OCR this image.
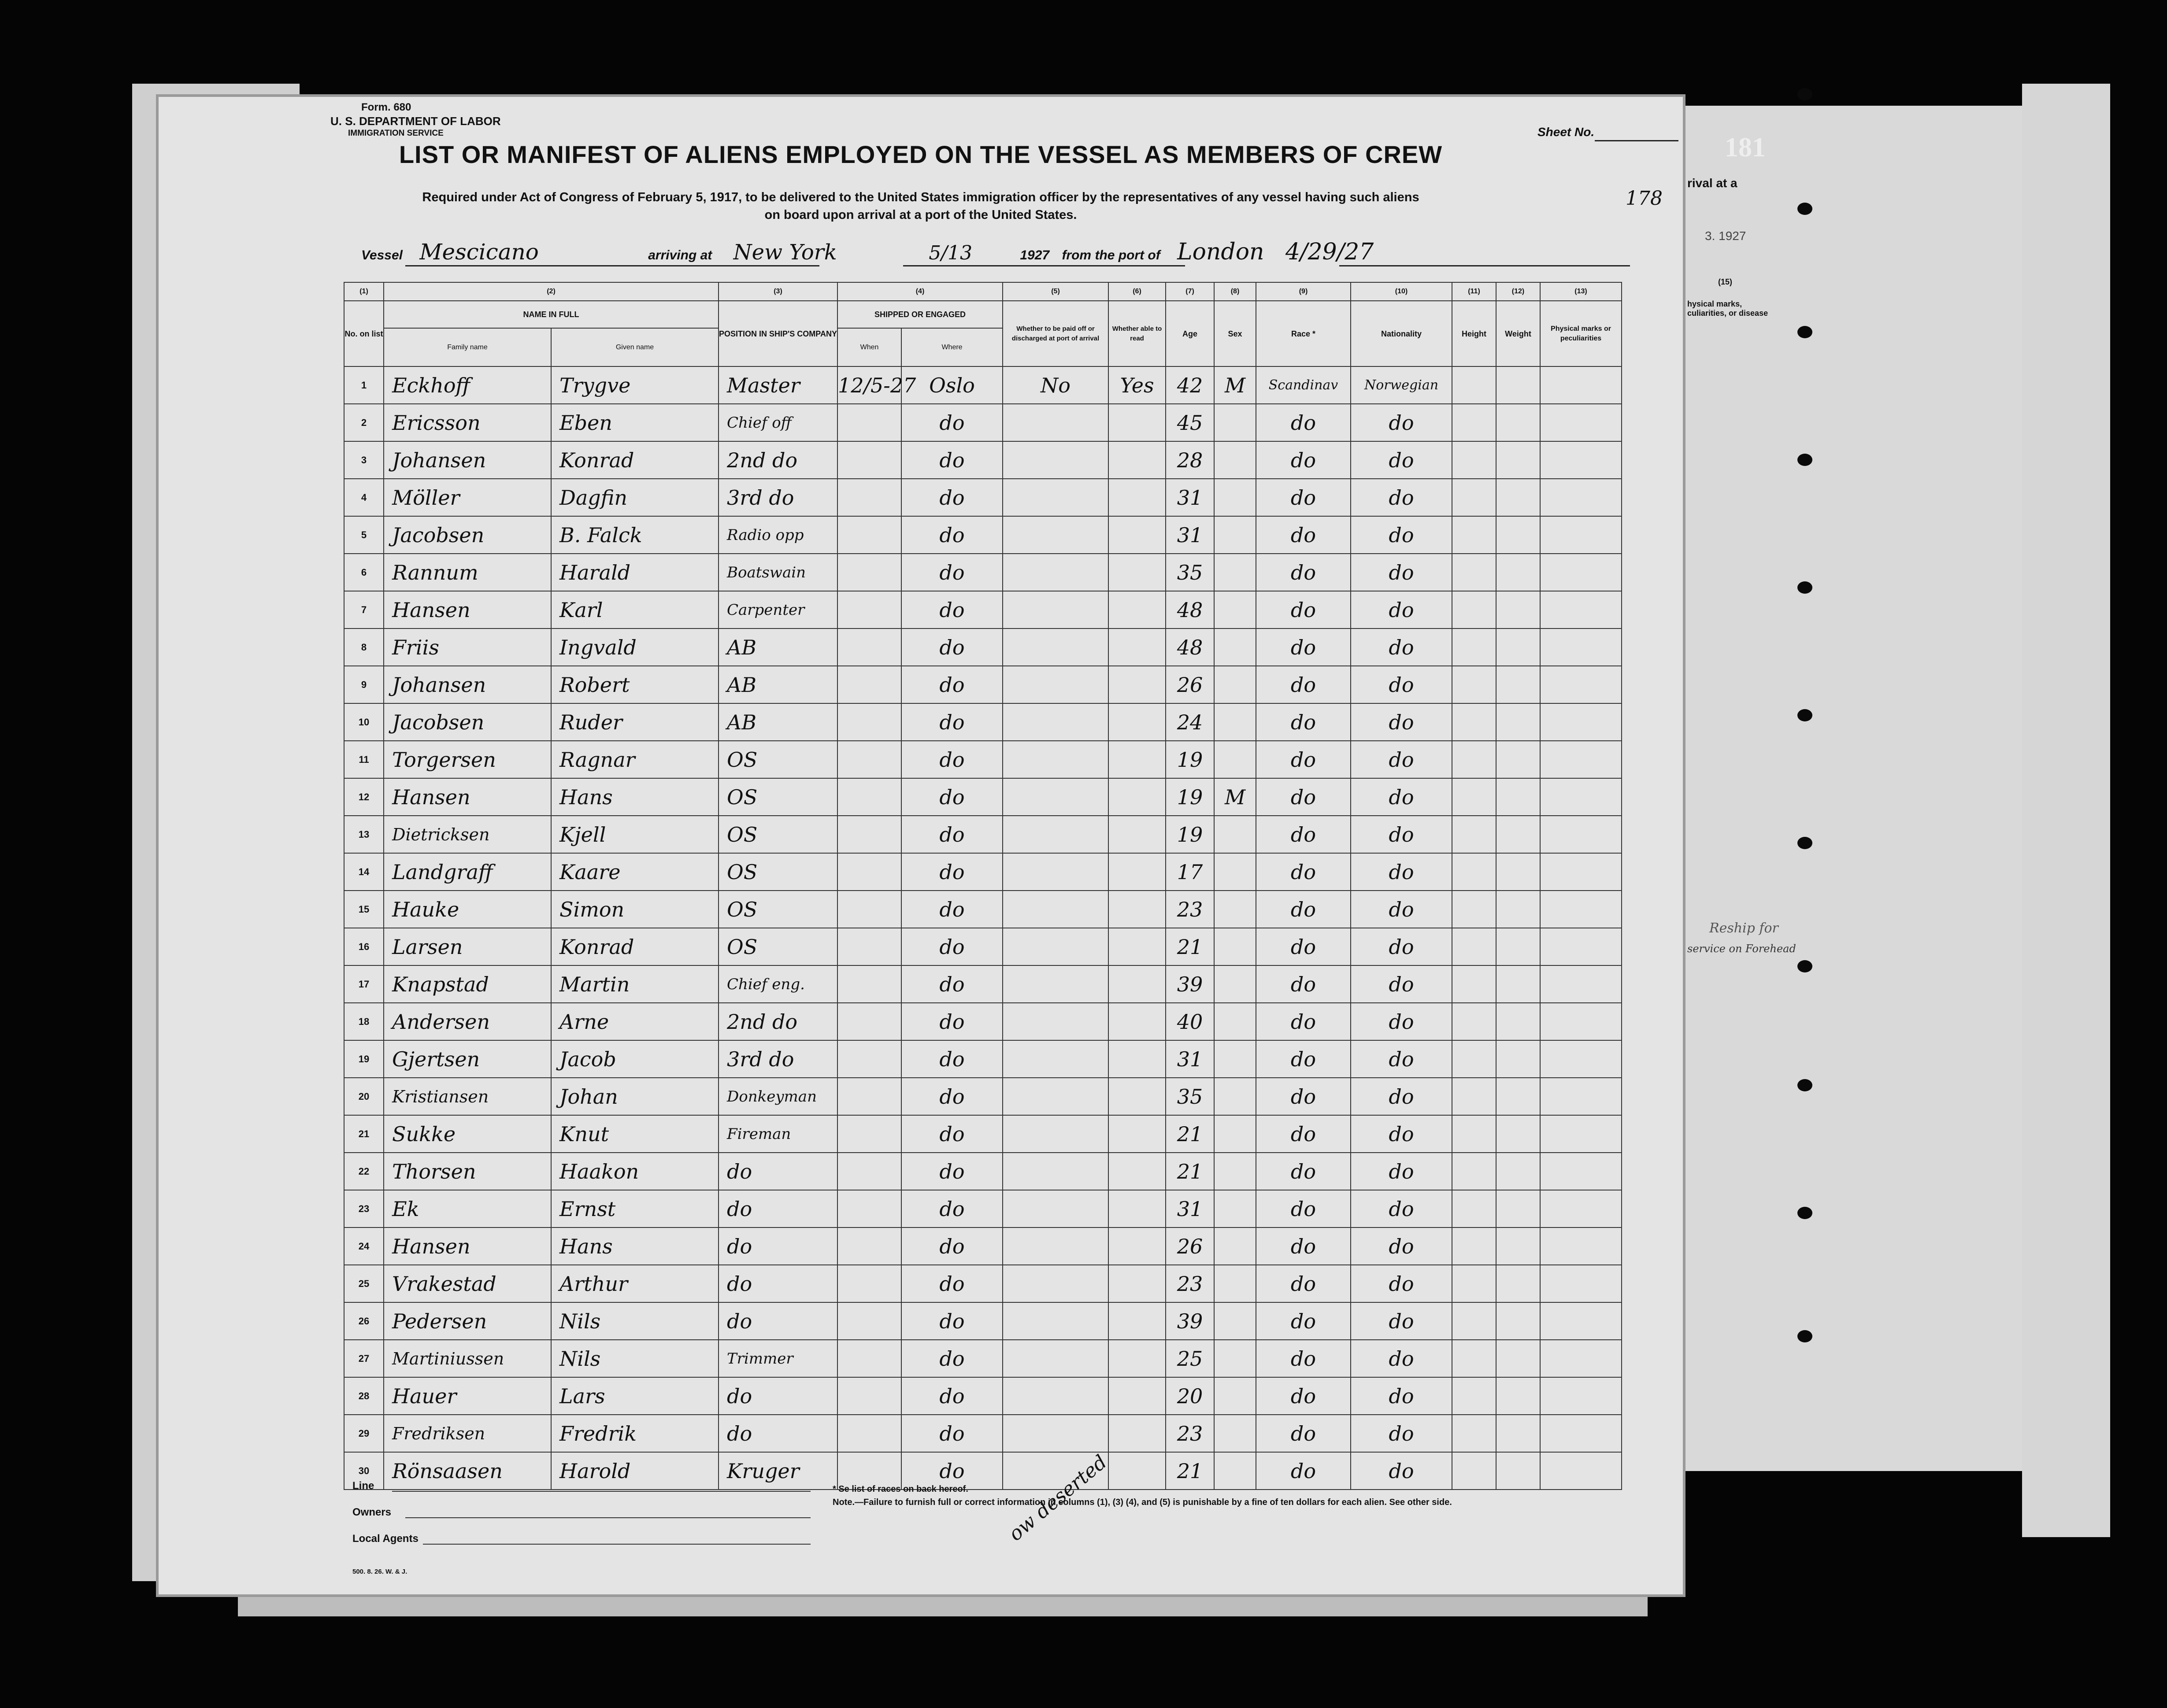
rival at a
3. 1927
(15)
hysical marks, culiarities, or disease
Reship for
service on Forehead
Form. 680
U. S. DEPARTMENT OF LABOR
IMMIGRATION SERVICE
LIST OR MANIFEST OF ALIENS EMPLOYED ON THE VESSEL AS MEMBERS OF CREW
Required under Act of Congress of February 5, 1917, to be delivered to the United States immigration officer by the representatives of any vessel having such aliens
on board upon arrival at a port of the United States.
Sheet No.
178
Vessel Mescicano	arriving at New York	5/13	1927 from the port of London 4/29/27
(1)	(2)		(3)	(4)		(5)	(6)	(7)	(8)	(9)	(10)	(11)	(12)	(13)
No. on list	NAME IN FULL		POSITION IN SHIP'S COMPANY	SHIPPED OR ENGAGED		Whether to be paid off or discharged at port of arrival	Whether able to read	Age	Sex	Race *	Nationality	Height	Weight	Physical marks or peculiarities
	Family name	Given name		When	Where									
1	Eckhoff	Trygve	Master	12/5-27	Oslo	No	Yes	42	M	Scandinav	Norwegian			
2	Ericsson	Eben	Chief off		do			45		do	do			
3	Johansen	Konrad	2nd do		do			28		do	do			
4	Möller	Dagfin	3rd do		do			31		do	do			
5	Jacobsen	B. Falck	Radio opp		do			31		do	do			
6	Rannum	Harald	Boatswain		do			35		do	do			
7	Hansen	Karl	Carpenter		do			48		do	do			
8	Friis	Ingvald	AB		do			48		do	do			
9	Johansen	Robert	AB		do			26		do	do			
10	Jacobsen	Ruder	AB		do			24		do	do			
11	Torgersen	Ragnar	OS		do			19		do	do			
12	Hansen	Hans	OS		do			19	M	do	do			
13	Dietricksen	Kjell	OS		do			19		do	do			
14	Landgraff	Kaare	OS		do			17		do	do			
15	Hauke	Simon	OS		do			23		do	do			
16	Larsen	Konrad	OS		do			21		do	do			
17	Knapstad	Martin	Chief eng.		do			39		do	do			
18	Andersen	Arne	2nd do		do			40		do	do			
19	Gjertsen	Jacob	3rd do		do			31		do	do			
20	Kristiansen	Johan	Donkeyman		do			35		do	do			
21	Sukke	Knut	Fireman		do			21		do	do			
22	Thorsen	Haakon	do		do			21		do	do			
23	Ek	Ernst	do		do			31		do	do			
24	Hansen	Hans	do		do			26		do	do			
25	Vrakestad	Arthur	do		do			23		do	do			
26	Pedersen	Nils	do		do			39		do	do			
27	Martiniussen	Nils	Trimmer		do			25		do	do			
28	Hauer	Lars	do		do			20		do	do			
29	Fredriksen	Fredrik	do		do			23		do	do			
30	Rönsaasen	Harold	Kruger		do			21		do	do			
Line
Owners
Local Agents
* Se list of races on back hereof.
Note.—Failure to furnish full or correct information in columns (1), (3) (4), and (5) is punishable by a fine of ten dollars for each alien. See other side.
500. 8. 26. W. & J.
ow deserted
181
